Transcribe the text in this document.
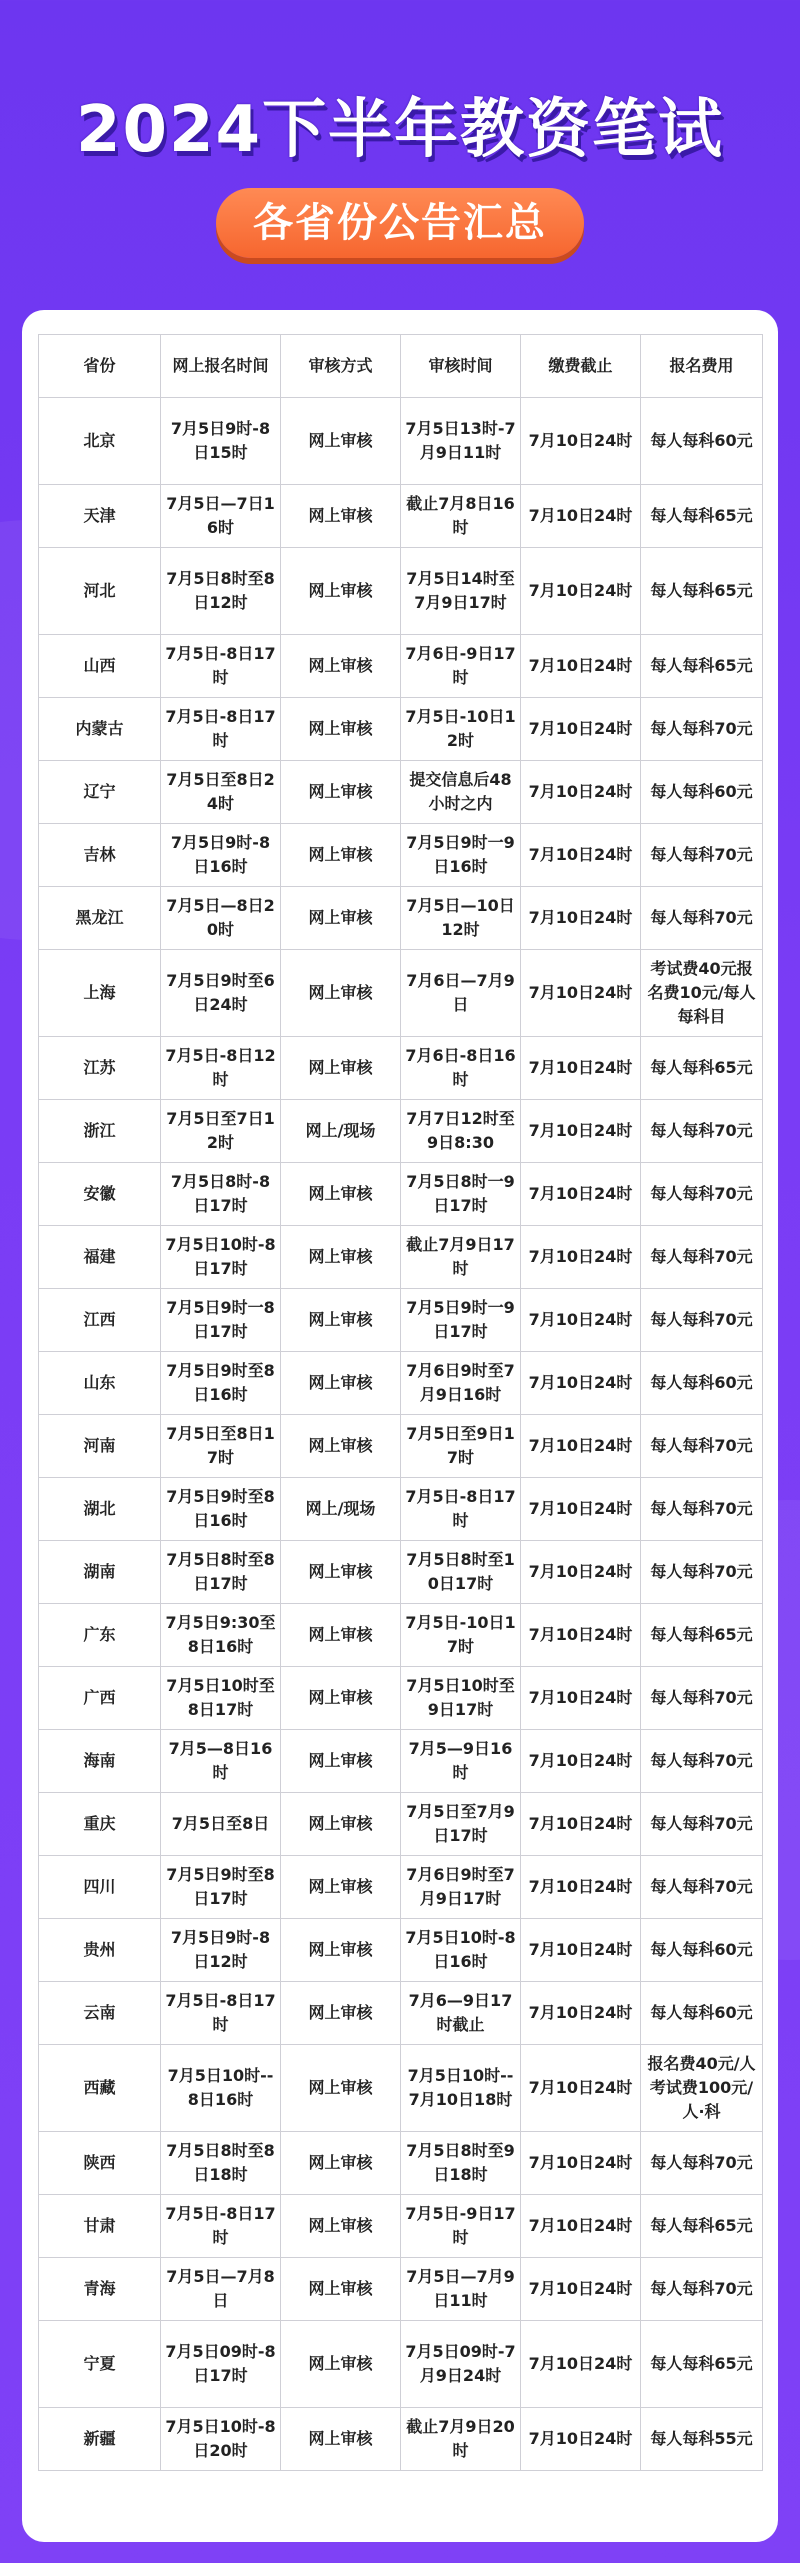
2024下半年教资笔试
各省份公告汇总
省份	网上报名时间	审核方式	审核时间	缴费截止	报名费用
北京	7月5日9时-8日15时	网上审核	7月5日13时-7月9日11时	7月10日24时	每人每科60元
天津	7月5日—7日16时	网上审核	截止7月8日16时	7月10日24时	每人每科65元
河北	7月5日8时至8日12时	网上审核	7月5日14时至7月9日17时	7月10日24时	每人每科65元
山西	7月5日-8日17时	网上审核	7月6日-9日17时	7月10日24时	每人每科65元
内蒙古	7月5日-8日17时	网上审核	7月5日-10日12时	7月10日24时	每人每科70元
辽宁	7月5日至8日24时	网上审核	提交信息后48小时之内	7月10日24时	每人每科60元
吉林	7月5日9时-8日16时	网上审核	7月5日9时一9日16时	7月10日24时	每人每科70元
黑龙江	7月5日—8日20时	网上审核	7月5日—10日12时	7月10日24时	每人每科70元
上海	7月5日9时至6日24时	网上审核	7月6日—7月9日	7月10日24时	考试费40元报名费10元/每人每科目
江苏	7月5日-8日12时	网上审核	7月6日-8日16时	7月10日24时	每人每科65元
浙江	7月5日至7日12时	网上/现场	7月7日12时至9日8:30	7月10日24时	每人每科70元
安徽	7月5日8时-8日17时	网上审核	7月5日8时一9日17时	7月10日24时	每人每科70元
福建	7月5日10时-8日17时	网上审核	截止7月9日17时	7月10日24时	每人每科70元
江西	7月5日9时一8日17时	网上审核	7月5日9时一9日17时	7月10日24时	每人每科70元
山东	7月5日9时至8日16时	网上审核	7月6日9时至7月9日16时	7月10日24时	每人每科60元
河南	7月5日至8日17时	网上审核	7月5日至9日17时	7月10日24时	每人每科70元
湖北	7月5日9时至8日16时	网上/现场	7月5日-8日17时	7月10日24时	每人每科70元
湖南	7月5日8时至8日17时	网上审核	7月5日8时至10日17时	7月10日24时	每人每科70元
广东	7月5日9:30至8日16时	网上审核	7月5日-10日17时	7月10日24时	每人每科65元
广西	7月5日10时至8日17时	网上审核	7月5日10时至9日17时	7月10日24时	每人每科70元
海南	7月5—8日16时	网上审核	7月5—9日16时	7月10日24时	每人每科70元
重庆	7月5日至8日	网上审核	7月5日至7月9日17时	7月10日24时	每人每科70元
四川	7月5日9时至8日17时	网上审核	7月6日9时至7月9日17时	7月10日24时	每人每科70元
贵州	7月5日9时-8日12时	网上审核	7月5日10时-8日16时	7月10日24时	每人每科60元
云南	7月5日-8日17时	网上审核	7月6—9日17时截止	7月10日24时	每人每科60元
西藏	7月5日10时--8日16时	网上审核	7月5日10时--7月10日18时	7月10日24时	报名费40元/人考试费100元/人·科
陕西	7月5日8时至8日18时	网上审核	7月5日8时至9日18时	7月10日24时	每人每科70元
甘肃	7月5日-8日17时	网上审核	7月5日-9日17时	7月10日24时	每人每科65元
青海	7月5日—7月8日	网上审核	7月5日—7月9日11时	7月10日24时	每人每科70元
宁夏	7月5日09时-8日17时	网上审核	7月5日09时-7月9日24时	7月10日24时	每人每科65元
新疆	7月5日10时-8日20时	网上审核	截止7月9日20时	7月10日24时	每人每科55元
